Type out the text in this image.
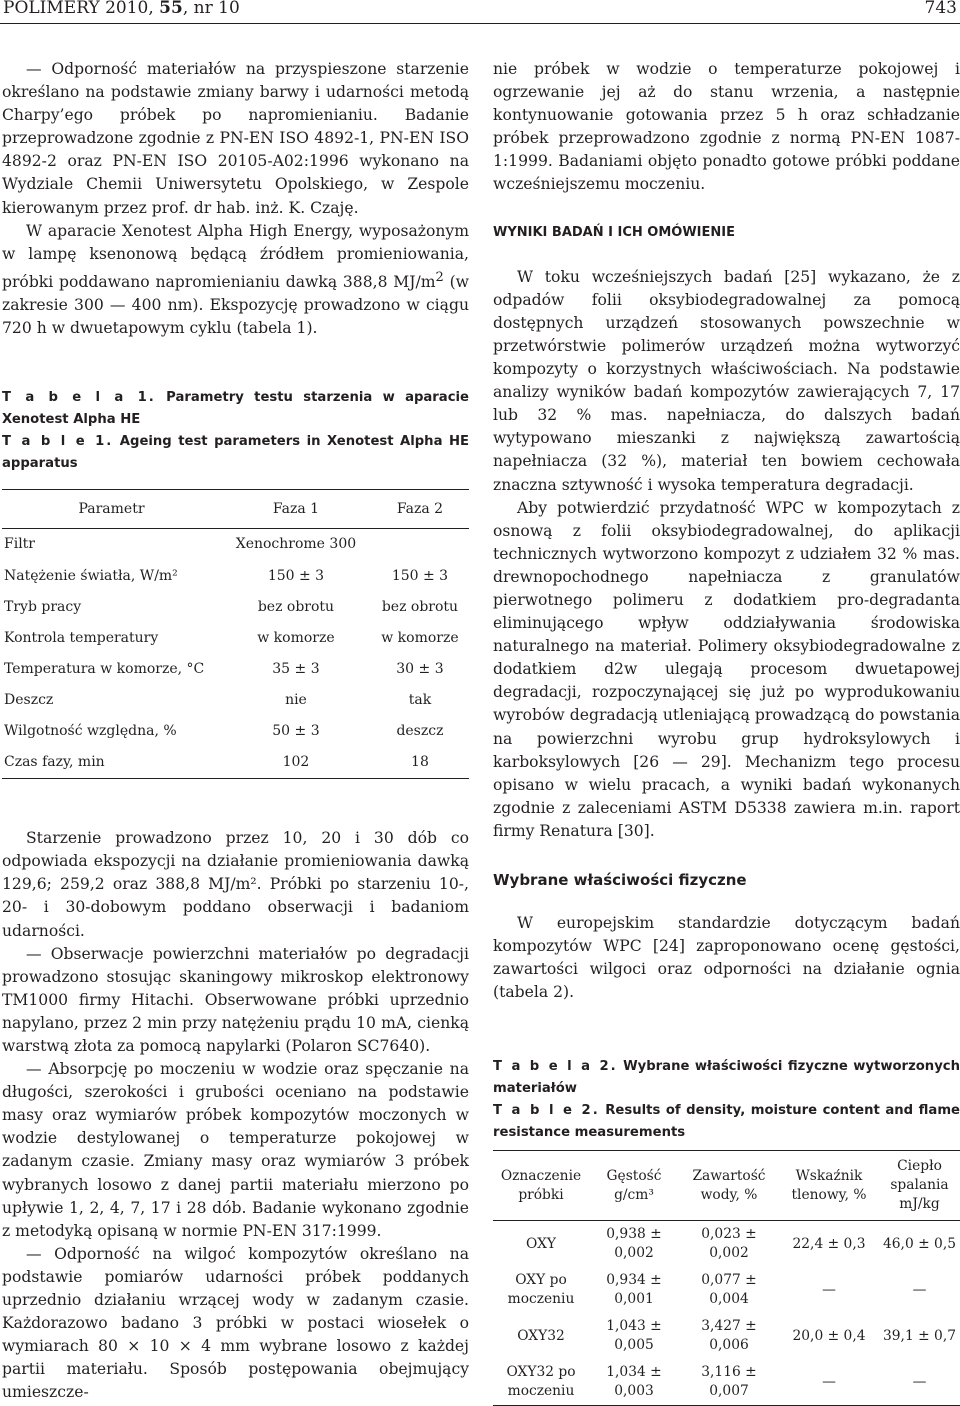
POLIMERY 2010, 55, nr 10	743

— Odporność materiałów na przyspieszone starzenie określano na podstawie zmiany barwy i udarności metodą Charpy’ego próbek po napromienianiu. Badanie przeprowadzone zgodnie z PN-EN ISO 4892-1, PN-EN ISO 4892-2 oraz PN-EN ISO 20105-A02:1996 wykonano na Wydziale Chemii Uniwersytetu Opolskiego, w Zespole kierowanym przez prof. dr hab. inż. K. Czaję.

W aparacie Xenotest Alpha High Energy, wyposażonym w lampę ksenonową będącą źródłem promieniowania, próbki poddawano napromienianiu dawką 388,8 $MJ/m^2$ (w zakresie 300 — 400 nm). Ekspozycję prowadzono w ciągu 720 h w dwuetapowym cyklu (tabela 1).

T a b e l a 1. Parametry testu starzenia w aparacie Xenotest Alpha HE

T a b l e 1. Ageing test parameters in Xenotest Alpha HE apparatus

Parametr	Faza 1	Faza 2
Filtr	Xenochrome 300	
Natężenie światła, W/m²	150 ± 3	150 ± 3
Tryb pracy	bez obrotu	bez obrotu
Kontrola temperatury	w komorze	w komorze
Temperatura w komorze, °C	35 ± 3	30 ± 3
Deszcz	nie	tak
Wilgotność względna, %	50 ± 3	deszcz
Czas fazy, min	102	18

Starzenie prowadzono przez 10, 20 i 30 dób co odpowiada ekspozycji na działanie promieniowania dawką 129,6; 259,2 oraz 388,8 MJ/m². Próbki po starzeniu 10-, 20- i 30-dobowym poddano obserwacji i badaniom udarności.

— Obserwacje powierzchni materiałów po degradacji prowadzono stosując skaningowy mikroskop elektronowy TM1000 firmy Hitachi. Obserwowane próbki uprzednio napylano, przez 2 min przy natężeniu prądu 10 mA, cienką warstwą złota za pomocą napylarki (Polaron SC7640).

— Absorpcję po moczeniu w wodzie oraz spęczanie na długości, szerokości i grubości oceniano na podstawie masy oraz wymiarów próbek kompozytów moczonych w wodzie destylowanej o temperaturze pokojowej w zadanym czasie. Zmiany masy oraz wymiarów 3 próbek wybranych losowo z danej partii materiału mierzono po upływie 1, 2, 4, 7, 17 i 28 dób. Badanie wykonano zgodnie z metodyką opisaną w normie PN-EN 317:1999.

— Odporność na wilgoć kompozytów określano na podstawie pomiarów udarności próbek poddanych uprzednio działaniu wrzącej wody w zadanym czasie. Każdorazowo badano 3 próbki w postaci wiosełek o wymiarach 80 × 10 × 4 mm wybrane losowo z każdej partii materiału. Sposób postępowania obejmujący umieszcze-

nie próbek w wodzie o temperaturze pokojowej i ogrzewanie jej aż do stanu wrzenia, a następnie kontynuowanie gotowania przez 5 h oraz schładzanie próbek przeprowadzono zgodnie z normą PN-EN 1087-1:1999. Badaniami objęto ponadto gotowe próbki poddane wcześniejszemu moczeniu.

WYNIKI BADAŃ I ICH OMÓWIENIE

W toku wcześniejszych badań [25] wykazano, że z odpadów folii oksybiodegradowalnej za pomocą dostępnych urządzeń stosowanych powszechnie w przetwórstwie polimerów urządzeń można wytworzyć kompozyty o korzystnych właściwościach. Na podstawie analizy wyników badań kompozytów zawierających 7, 17 lub 32 % mas. napełniacza, do dalszych badań wytypowano mieszanki z największą zawartością napełniacza (32 %), materiał ten bowiem cechowała znaczna sztywność i wysoka temperatura degradacji.

Aby potwierdzić przydatność WPC w kompozytach z osnową z folii oksybiodegradowalnej, do aplikacji technicznych wytworzono kompozyt z udziałem 32 % mas. drewnopochodnego napełniacza z granulatów pierwotnego polimeru z dodatkiem pro-degradanta eliminującego wpływ oddziaływania środowiska naturalnego na materiał. Polimery oksybiodegradowalne z dodatkiem d2w ulegają procesom dwuetapowej degradacji, rozpoczynającej się już po wyprodukowaniu wyrobów degradacją utleniającą prowadzącą do powstania na powierzchni wyrobu grup hydroksylowych i karboksylowych [26 — 29]. Mechanizm tego procesu opisano w wielu pracach, a wyniki badań wykonanych zgodnie z zaleceniami ASTM D5338 zawiera m.in. raport firmy Renatura [30].

Wybrane właściwości fizyczne

W europejskim standardzie dotyczącym badań kompozytów WPC [24] zaproponowano ocenę gęstości, zawartości wilgoci oraz odporności na działanie ognia (tabela 2).

T a b e l a 2. Wybrane właściwości fizyczne wytworzonych materiałów

T a b l e 2. Results of density, moisture content and flame resistance measurements

Oznaczenie próbki	Gęstość g/cm³	Zawartość wody, %	Wskaźnik tlenowy, %	Ciepło spalania mJ/kg
OXY	0,938 ± 0,002	0,023 ± 0,002	22,4 ± 0,3	46,0 ± 0,5
OXY po moczeniu	0,934 ± 0,001	0,077 ± 0,004	—	—
OXY32	1,043 ± 0,005	3,427 ± 0,006	20,0 ± 0,4	39,1 ± 0,7
OXY32 po moczeniu	1,034 ± 0,003	3,116 ± 0,007	—	—
